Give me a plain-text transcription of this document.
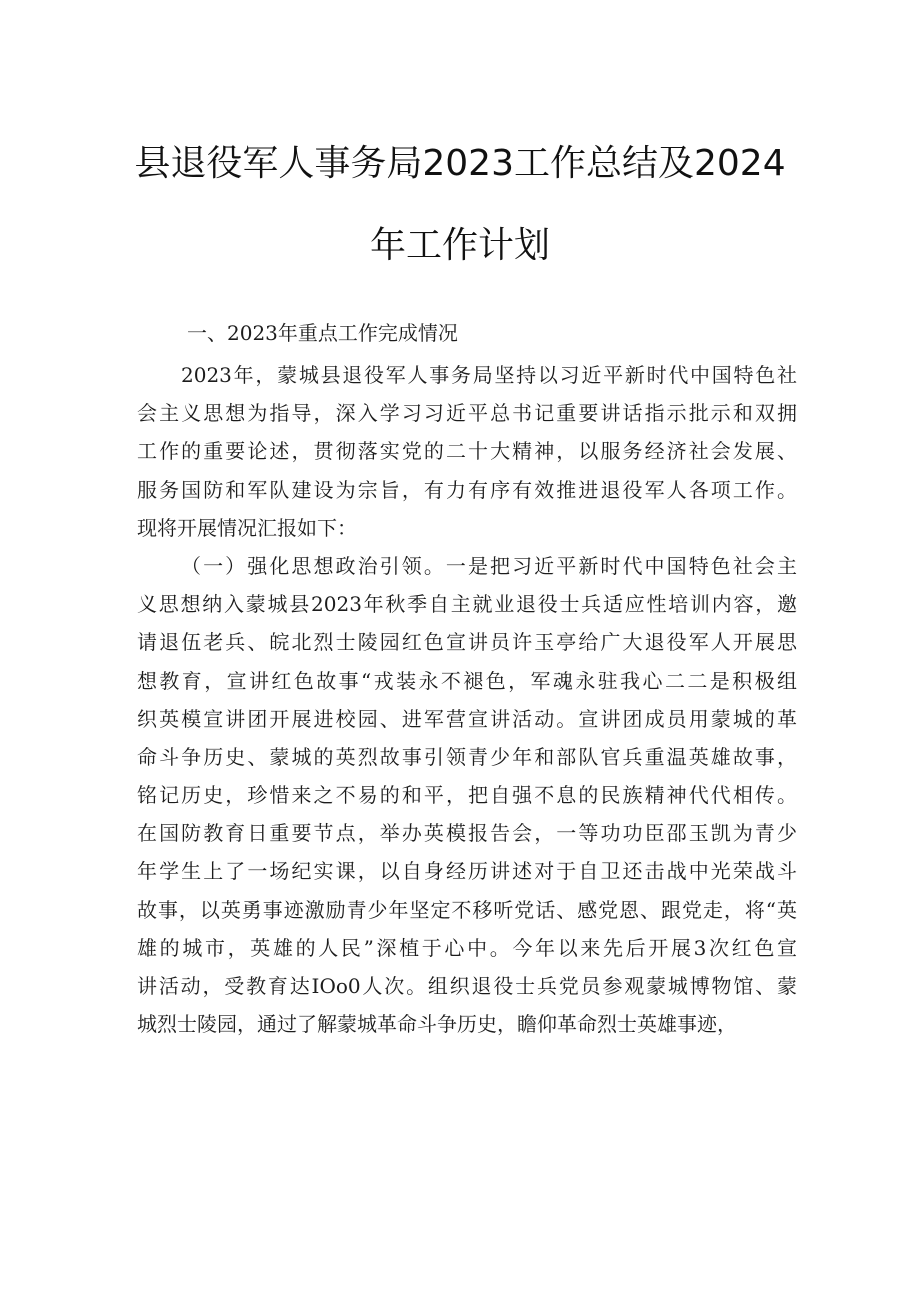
县退役军人事务局2023工作总结及2024
年工作计划
一、2023年重点工作完成情况
2023年，蒙城县退役军人事务局坚持以习近平新时代中国特色社
会主义思想为指导，深入学习习近平总书记重要讲话指示批示和双拥
工作的重要论述，贯彻落实党的二十大精神，以服务经济社会发展、
服务国防和军队建设为宗旨，有力有序有效推进退役军人各项工作。
现将开展情况汇报如下：
（一）强化思想政治引领。一是把习近平新时代中国特色社会主
义思想纳入蒙城县2023年秋季自主就业退役士兵适应性培训内容，邀
请退伍老兵、皖北烈士陵园红色宣讲员许玉亭给广大退役军人开展思
想教育，宣讲红色故事“戎装永不褪色，军魂永驻我心二二是积极组
织英模宣讲团开展进校园、进军营宣讲活动。宣讲团成员用蒙城的革
命斗争历史、蒙城的英烈故事引领青少年和部队官兵重温英雄故事，
铭记历史，珍惜来之不易的和平，把自强不息的民族精神代代相传。
在国防教育日重要节点，举办英模报告会，一等功功臣邵玉凯为青少
年学生上了一场纪实课，以自身经历讲述对于自卫还击战中光荣战斗
故事，以英勇事迹激励青少年坚定不移听党话、感党恩、跟党走，将“英
雄的城市，英雄的人民”深植于心中。今年以来先后开展3次红色宣
讲活动，受教育达IOo0人次。组织退役士兵党员参观蒙城博物馆、蒙
城烈士陵园，通过了解蒙城革命斗争历史，瞻仰革命烈士英雄事迹，
